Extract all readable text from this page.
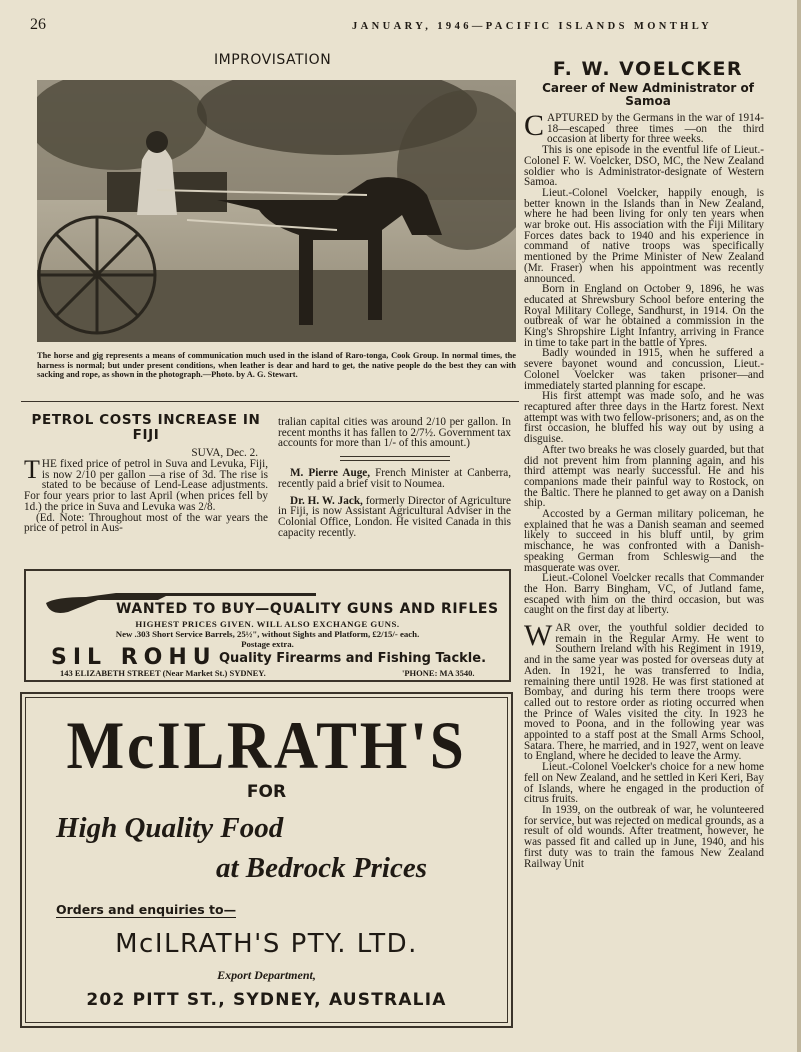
26	JANUARY, 1946—PACIFIC ISLANDS MONTHLY
IMPROVISATION
The horse and gig represents a means of communication much used in the island of Raro-tonga, Cook Group. In normal times, the harness is normal; but under present conditions, when leather is dear and hard to get, the native people do the best they can with sacking and rope, as shown in the photograph.—Photo. by A. G. Stewart.
PETROL COSTS INCREASE IN FIJI
SUVA, Dec. 2.
T HE fixed price of petrol in Suva and Levuka, Fiji, is now 2/10 per gallon —a rise of 3d. The rise is stated to be because of Lend-Lease adjustments. For four years prior to last April (when prices fell by 1d.) the price in Suva and Levuka was 2/8.
(Ed. Note: Throughout most of the war years the price of petrol in Aus-

tralian capital cities was around 2/10 per gallon. In recent months it has fallen to 2/7½. Government tax accounts for more than 1/- of this amount.)

M. Pierre Auge, French Minister at Canberra, recently paid a brief visit to Noumea.

Dr. H. W. Jack, formerly Director of Agriculture in Fiji, is now Assistant Agricultural Adviser in the Colonial Office, London. He visited Canada in this capacity recently.

WANTED TO BUY—QUALITY GUNS AND RIFLES
HIGHEST PRICES GIVEN. WILL ALSO EXCHANGE GUNS.
New .303 Short Service Barrels, 25½", without Sights and Platform, £2/15/- each.
Postage extra.
SIL ROHU Quality Firearms and Fishing Tackle.
143 ELIZABETH STREET (Near Market St.) SYDNEY.	'PHONE: MA 3540.
McILRATH'S
FOR
High Quality Food
at Bedrock Prices
Orders and enquiries to—
McILRATH'S PTY. LTD.
Export Department,
202 PITT ST., SYDNEY, AUSTRALIA
F. W. VOELCKER
Career of New Administrator of Samoa

CAPTURED by the Germans in the war of 1914-18—escaped three times —on the third occasion at liberty for three weeks.

This is one episode in the eventful life of Lieut.-Colonel F. W. Voelcker, DSO, MC, the New Zealand soldier who is Administrator-designate of Western Samoa.

Lieut.-Colonel Voelcker, happily enough, is better known in the Islands than in New Zealand, where he had been living for only ten years when war broke out. His association with the Fiji Military Forces dates back to 1940 and his experience in command of native troops was specifically mentioned by the Prime Minister of New Zealand (Mr. Fraser) when his appointment was recently announced.

Born in England on October 9, 1896, he was educated at Shrewsbury School before entering the Royal Military College, Sandhurst, in 1914. On the outbreak of war he obtained a commission in the King's Shropshire Light Infantry, arriving in France in time to take part in the battle of Ypres.

Badly wounded in 1915, when he suffered a severe bayonet wound and concussion, Lieut.-Colonel Voelcker was taken prisoner—and immediately started planning for escape.

His first attempt was made solo, and he was recaptured after three days in the Hartz forest. Next attempt was with two fellow-prisoners; and, as on the first occasion, he bluffed his way out by using a disguise.

After two breaks he was closely guarded, but that did not prevent him from planning again, and his third attempt was nearly successful. He and his companions made their painful way to Rostock, on the Baltic. There he planned to get away on a Danish ship.

Accosted by a German military policeman, he explained that he was a Danish seaman and seemed likely to succeed in his bluff until, by grim mischance, he was confronted with a Danish-speaking German from Schleswig—and the masquerate was over.

Lieut.-Colonel Voelcker recalls that Commander the Hon. Barry Bingham, VC, of Jutland fame, escaped with him on the third occasion, but was caught on the first day at liberty.

WAR over, the youthful soldier decided to remain in the Regular Army. He went to Southern Ireland with his Regiment in 1919, and in the same year was posted for overseas duty at Aden. In 1921, he was transferred to India, remaining there until 1928. He was first stationed at Bombay, and during his term there troops were called out to restore order as rioting occurred when the Prince of Wales visited the city. In 1923 he moved to Poona, and in the following year was appointed to a staff post at the Small Arms School, Satara. There, he married, and in 1927, went on leave to England, where he decided to leave the Army.

Lieut.-Colonel Voelcker's choice for a new home fell on New Zealand, and he settled in Keri Keri, Bay of Islands, where he engaged in the production of citrus fruits.

In 1939, on the outbreak of war, he volunteered for service, but was rejected on medical grounds, as a result of old wounds. After treatment, however, he was passed fit and called up in June, 1940, and his first duty was to train the famous New Zealand Railway Unit
